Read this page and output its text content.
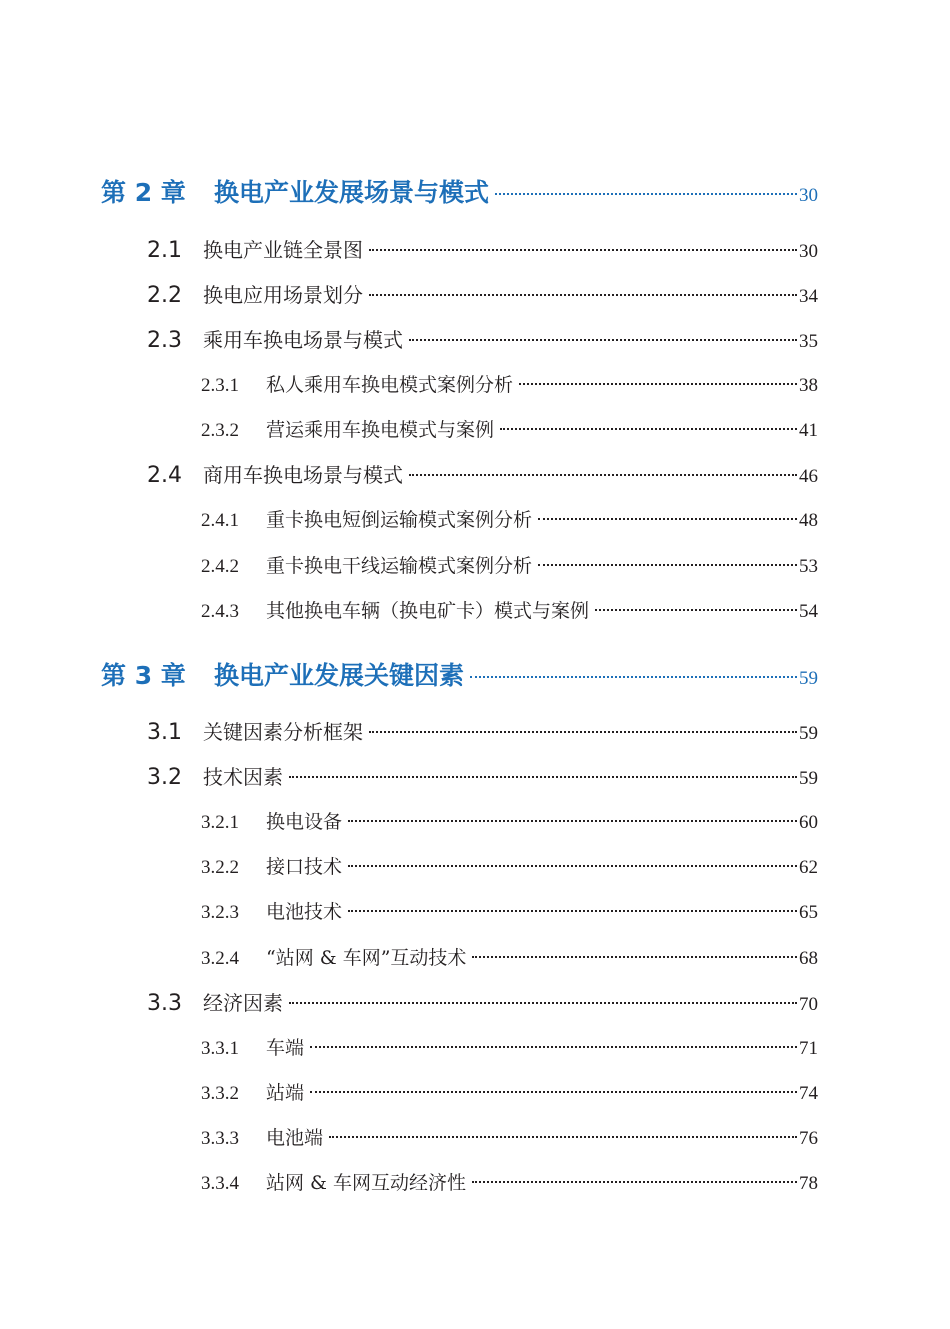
第 2 章	换电产业发展场景与模式	30
2.1	换电产业链全景图	30
2.2	换电应用场景划分	34
2.3	乘用车换电场景与模式	35
2.3.1	私人乘用车换电模式案例分析	38
2.3.2	营运乘用车换电模式与案例	41
2.4	商用车换电场景与模式	46
2.4.1	重卡换电短倒运输模式案例分析	48
2.4.2	重卡换电干线运输模式案例分析	53
2.4.3	其他换电车辆（换电矿卡）模式与案例	54
第 3 章	换电产业发展关键因素	59
3.1	关键因素分析框架	59
3.2	技术因素	59
3.2.1	换电设备	60
3.2.2	接口技术	62
3.2.3	电池技术	65
3.2.4	“站网 & 车网”互动技术	68
3.3	经济因素	70
3.3.1	车端	71
3.3.2	站端	74
3.3.3	电池端	76
3.3.4	站网 & 车网互动经济性	78
